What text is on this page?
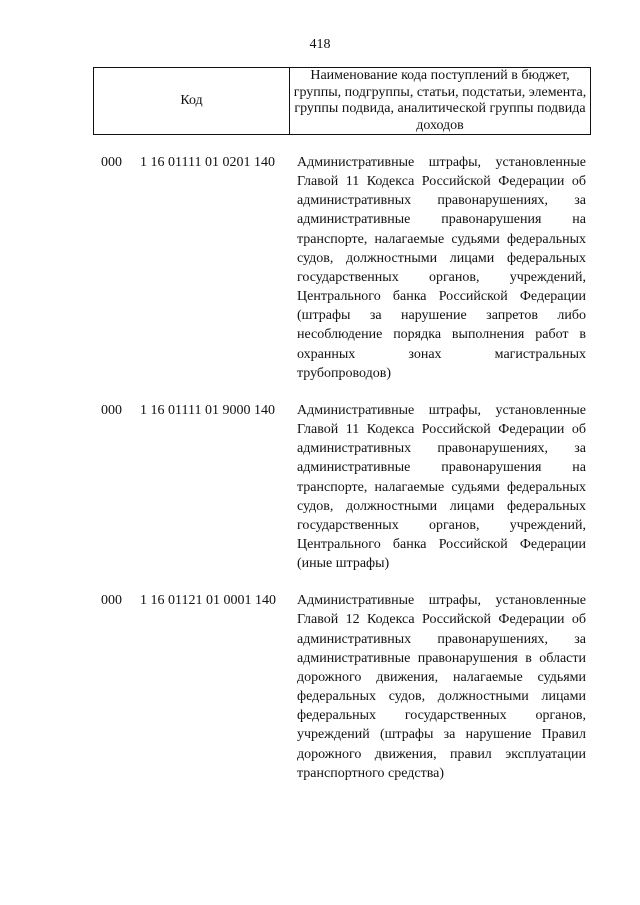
418
Код	Наименование кода поступлений в бюджет, группы, подгруппы, статьи, подстатьи, элемента, группы подвида, аналитической группы подвида доходов
000 1 16 01111 01 0201 140 Административные штрафы, установленные
Главой 11 Кодекса Российской Федерации об
административных правонарушениях, за
административные правонарушения на
транспорте, налагаемые судьями федеральных
судов, должностными лицами федеральных
государственных органов, учреждений,
Центрального банка Российской Федерации
(штрафы за нарушение запретов либо
несоблюдение порядка выполнения работ в
охранных зонах магистральных
трубопроводов)
000 1 16 01111 01 9000 140 Административные штрафы, установленные
Главой 11 Кодекса Российской Федерации об
административных правонарушениях, за
административные правонарушения на
транспорте, налагаемые судьями федеральных
судов, должностными лицами федеральных
государственных органов, учреждений,
Центрального банка Российской Федерации
(иные штрафы)
000 1 16 01121 01 0001 140 Административные штрафы, установленные
Главой 12 Кодекса Российской Федерации об
административных правонарушениях, за
административные правонарушения в области
дорожного движения, налагаемые судьями
федеральных судов, должностными лицами
федеральных государственных органов,
учреждений (штрафы за нарушение Правил
дорожного движения, правил эксплуатации
транспортного средства)
